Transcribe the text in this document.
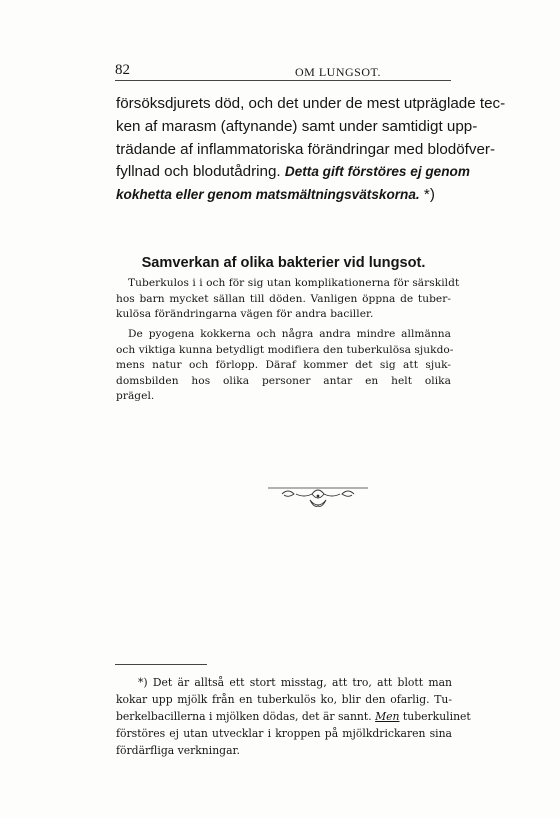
82	OM LUNGSOT.

försöksdjurets död, och det under de mest utpräglade tec-
ken af marasm (aftynande) samt under samtidigt upp-
trädande af inflammatoriska förändringar med blodöfver-
fyllnad och blodutådring. Detta gift förstöres ej genom
kokhetta eller genom matsmältningsvätskorna. *)

Samverkan af olika bakterier vid lungsot.

Tuberkulos i i och för sig utan komplikationerna för särskildt
hos barn mycket sällan till döden. Vanligen öppna de tuber-
kulösa förändringarna vägen för andra baciller.

De pyogena kokkerna och några andra mindre allmänna
och viktiga kunna betydligt modifiera den tuberkulösa sjukdo-
mens natur och förlopp. Däraf kommer det sig att sjuk-
domsbilden hos olika personer antar en helt olika
prägel.

*) Det är alltså ett stort misstag, att tro, att blott man
kokar upp mjölk från en tuberkulös ko, blir den ofarlig. Tu-
berkelbacillerna i mjölken dödas, det är sannt. Men tuberkulinet
förstöres ej utan utvecklar i kroppen på mjölkdrickaren sina
fördärfliga verkningar.
